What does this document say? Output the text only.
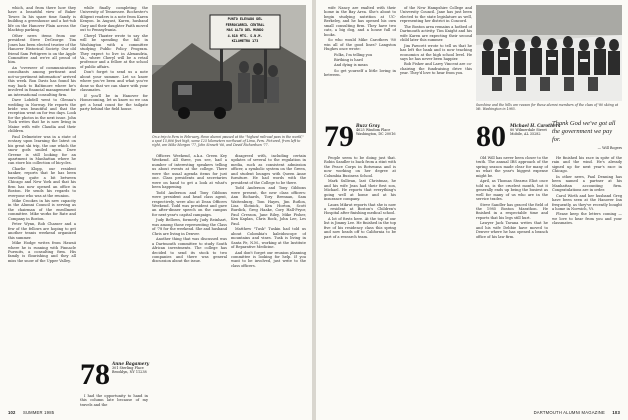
which, and from there how they have a beautiful view of Baker Tower. In his spare time Sandy is building a greenhouse and a hot-tub life on the Hanover Plain across the blacktop parking.

Other news items from our president Steve DeGeorge: Tim Jones has been elected trustee of the Hanover Historical Society. Our old friend Sam Pettigrew is on the Apple Committee and we're all proud of him.

An "overseer of communications consultants among pertinent and not-so-pertinent information" arrived this week. Ron Davis has found his way back to Baltimore where he's involved in financial management for an international consulting firm.

Dave Lobdell went to Glenna's wedding in Norway. He reports the bride was beautiful and that the reception went on for two days. Look for the photos in the next issue. John Tuck writes that he is now living in Maine with wife Claudia and their children.

Paul Delmeister was in a state of ecstasy upon learning the latest on his great ski trip, the one which the snow gods smiled upon. Dave Greene is still looking for an apartment in Manhattan where he can store his collection of bicycles.

Charlie Klopp, our resident banker, reports that he has been traveling quite a bit between Chicago and New York and that his firm has now opened an office in Boston. He sends his regards to everyone who was at the reunion.

Mike Crookes in his new capacity in the Alumni Council is serving as the chairman of the enrollment committee. Mike works for Rate and Company in Boston.

Peter Wynn, Rob Chasser and a few of the fellows are hoping to get another tennis weekend organized this summer.

Mike Hodge writes from Hawaii where he is running with Pinnacle Pursuits, a consulting firm. His family is flourishing and they all miss the snow of the Upper Valley.

while finally completing the University of Tennessee. Rochester's diligent readers is a note from Karen Kenyon. In August, Karen, husband Gary and their daughter Faith moved out to Pennsylvania.

Cheryl Thaxter wrote to say she will be spending the fall in Washington with a committee studying Public Policy Program. They expect to live in Alexandria, Va., where Cheryl will be a retail professor and a fellow at the school of public affairs.

Don't forget to send us a note about your summer. Let us know where you've been and what you've done so that we can share with your classmates.

If you'll be in Hanover for Homecoming, let us know so we can get a head count for the tailgate party behind the field house.

78 Anne Bagamery
301 Sterling Place
Brooklyn, NY 11238

I had the opportunity to hand in this column late because of my travels and the

PUNTO ELEVADO DEL
FERROCARRIL CENTRAL
MAS ALTO DEL MUNDO
4.818 MTS. S.N.M.
KILOMETRO 173
On a trip to Peru in February, three alumni paused at the "highest railroad pass in the world," a spot 15,806 feet high, some 125 kilometers northeast of Lima, Peru. Pictured, from left to right, are Mike Morgan '77, John Sinnett '66, and David Richardson '77.

Officers Weekend, a.k.a. Green Key Weekend. All three, you see, had a number of interesting speakers telling us about events at the college. There were the usual agenda items for just one. Class presidents and secretaries were on hand to get a look at what's been happening.

Todd Anderson and Tony Gibbons were president and head class agent, respectively, were also at Dean Officers Weekend. Todd was president and gave an after-dinner speech on the campus for next year's capital campaign.

Judy Bellows, formerly Judy Reinhart, was among those representing the Class of '78 for the weekend. She and husband Chris are living in Denver.

Another thing that was discussed was a Dartmouth committee to study South African investments. The college has decided to send its stock to two companies and there was general discussion about the issue.

disagreed with, including certain updates of several to the regulation in media, such as consistent admission officer, a symbolic system on the Green, and student lounges with Queen Anne furniture. He had words with the president of the College to be there.

Todd Anderson and Tony Gibbons were present, the new class officers: Ann Richards, Tory Brennan, Sam Wattenburg, Tom Hayes, Jim Rutlon, Lisa Slotnick, Ken Horton, Scott Burdick, Greg Haake, Cory Hall-Pryor, Paul Cresson, Jane Riley, Mike Fisher, Ken Kaplan, Chris Rock, John Lee, Les Paul.

Matthew "Tusk" Tuskin had told us about Colombia's kaleidoscope of mountains and vines. Tusk is living in Santa Fe, N.M., working at the Institute of Reparative Medicine.

And don't forget our reunion planning committee is looking for help. If you want to be involved, just write to the class officers.

102 SUMMER 1985

wife Nancy are exalted with their home in the Bay Area. She's about to begin studying nutrition at UC-Berkeley, and he has opened his own small consulting firm. They have two cats, a big dog, and a house full of books.

So who would Mike Carothers '80 win all of the good lines? Langston Hughes once wrote:

Folks, I'm telling you

Birthing is hard

And dying is mean

So get yourself a little loving in between.

79 Buzz Gray
4625 Windom Place
Washington, DC 20016

People seem to be doing just that. Robin Sandler is back from a stint with the Peace Corps in Botswana and is now working on her degree at Columbia Business School.

Mark Sullivan, last Christmas, he and his wife Jean had their first son, Michael. He reports that everything's going well at home and at his insurance company.

Laura Mikrut reports that she is now a resident at Boston's Children's Hospital after finishing medical school.

A lot of firsts here. At the top of our list is Jimmy Lee. He finished in the top five of his residency class this spring and now heads off to California to be part of a research team.

of the New Hampshire College and University Council. Jane has just been elected to the state legislature as well, representing her district in Concord.

The Boston area remains a hotbed of Dartmouth activity. Tim Knight and his wife Karen are expecting their second child later this summer.

Jim Fawcett wrote to tell us that he has left the bank and is now teaching economics at the high school level. He says he has never been happier.

Bob Fisher and Larry Vincent are co-chairing the fundraising drive this year. They'd love to hear from you.

Sunshine and the hills are reason for these alumni members of the class of '80 skiing at Mt. Washington in 1985.
80 Michael H. Carothers
80 Wilmerdale Street
Mobile, AL 35282
Thank God we've got all the government we pay for.
— Will Rogers

Old Will has never been closer to the truth. The annual IRS approach of the spring season made clear for many of us what the year's biggest expense might be.

April, as Thomas Stearns Eliot once told us, is the cruelest month, but it generally ends up being the busiest as well for many of us who are in the service trades.

Steve Sandler has graced the field of the 1985 Boston Marathon. He finished in a respectable time and reports that his legs still hurt.

Lawyer Jack Tavana writes that he and his wife Debbie have moved to Denver where he has opened a branch office of his law firm.

He finished his race in spite of the rain and the wind. He's already signed up for next year's race in Chicago.

In other news, Paul Denning has been named a partner at his Manhattan accounting firm. Congratulations are in order.

Carol Wirth and her husband Greg have been seen at the Hanover Inn frequently, as they've recently bought a home in Norwich, Vt.

Please keep the letters coming — we love to hear from you and your classmates.

DARTMOUTH ALUMNI MAGAZINE 103
